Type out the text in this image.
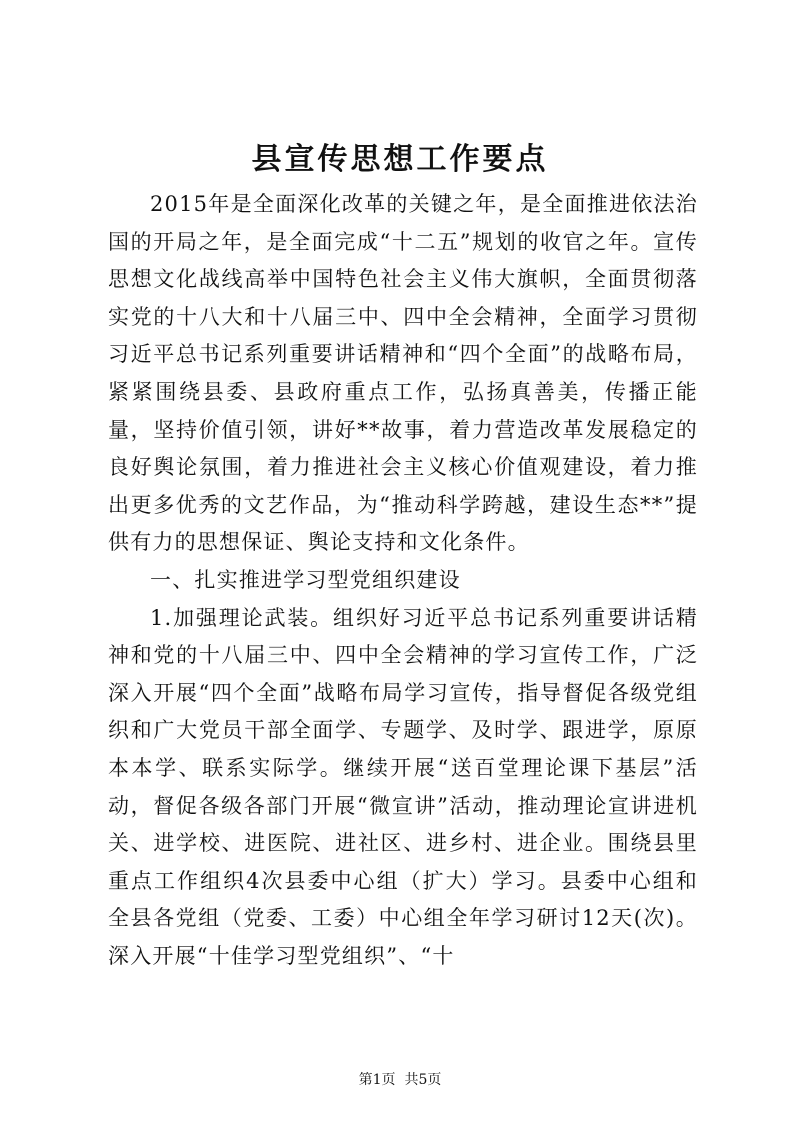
县宣传思想工作要点

2015年是全面深化改革的关键之年，是全面推进依法治国的开局之年，是全面完成“十二五”规划的收官之年。宣传思想文化战线高举中国特色社会主义伟大旗帜，全面贯彻落实党的十八大和十八届三中、四中全会精神，全面学习贯彻习近平总书记系列重要讲话精神和“四个全面”的战略布局，紧紧围绕县委、县政府重点工作，弘扬真善美，传播正能量，坚持价值引领，讲好**故事，着力营造改革发展稳定的良好舆论氛围，着力推进社会主义核心价值观建设，着力推出更多优秀的文艺作品，为“推动科学跨越，建设生态**”提供有力的思想保证、舆论支持和文化条件。

一、扎实推进学习型党组织建设

1.加强理论武装。组织好习近平总书记系列重要讲话精神和党的十八届三中、四中全会精神的学习宣传工作，广泛深入开展“四个全面”战略布局学习宣传，指导督促各级党组织和广大党员干部全面学、专题学、及时学、跟进学，原原本本学、联系实际学。继续开展“送百堂理论课下基层”活动，督促各级各部门开展“微宣讲”活动，推动理论宣讲进机关、进学校、进医院、进社区、进乡村、进企业。围绕县里重点工作组织4次县委中心组（扩大）学习。县委中心组和全县各党组（党委、工委）中心组全年学习研讨12天(次)。深入开展“十佳学习型党组织”、“十

第1页 共5页
